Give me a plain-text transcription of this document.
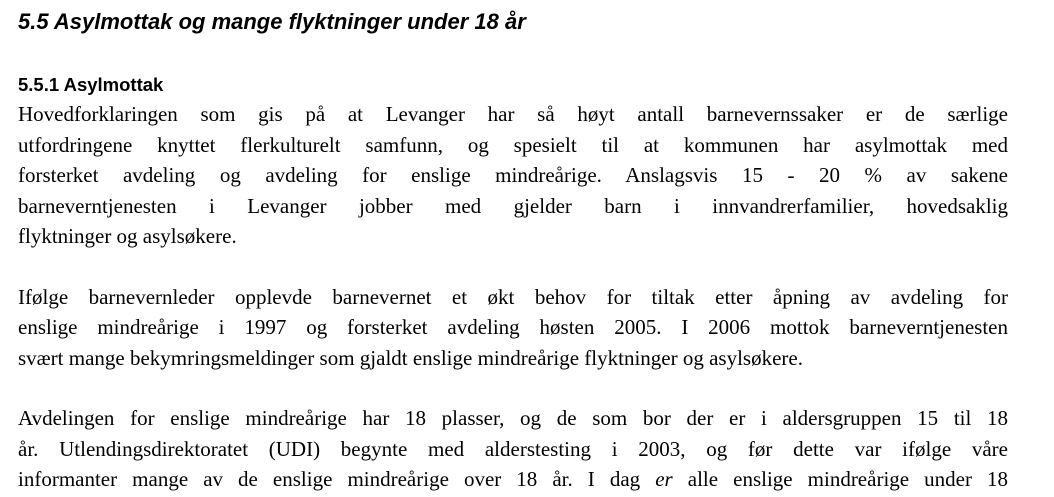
5.5 Asylmottak og mange flyktninger under 18 år
5.5.1 Asylmottak

Hovedforklaringen som gis på at Levanger har så høyt antall barnevernssaker er de særlige
utfordringene knyttet flerkulturelt samfunn, og spesielt til at kommunen har asylmottak med
forsterket avdeling og avdeling for enslige mindreårige. Anslagsvis 15 - 20 % av sakene
barneverntjenesten i Levanger jobber med gjelder barn i innvandrerfamilier, hovedsaklig
flyktninger og asylsøkere.

Ifølge barnevernleder opplevde barnevernet et økt behov for tiltak etter åpning av avdeling for
enslige mindreårige i 1997 og forsterket avdeling høsten 2005. I 2006 mottok barneverntjenesten
svært mange bekymringsmeldinger som gjaldt enslige mindreårige flyktninger og asylsøkere.

Avdelingen for enslige mindreårige har 18 plasser, og de som bor der er i aldersgruppen 15 til 18
år. Utlendingsdirektoratet (UDI) begynte med alderstesting i 2003, og før dette var ifølge våre
informanter mange av de enslige mindreårige over 18 år. I dag er alle enslige mindreårige under 18
